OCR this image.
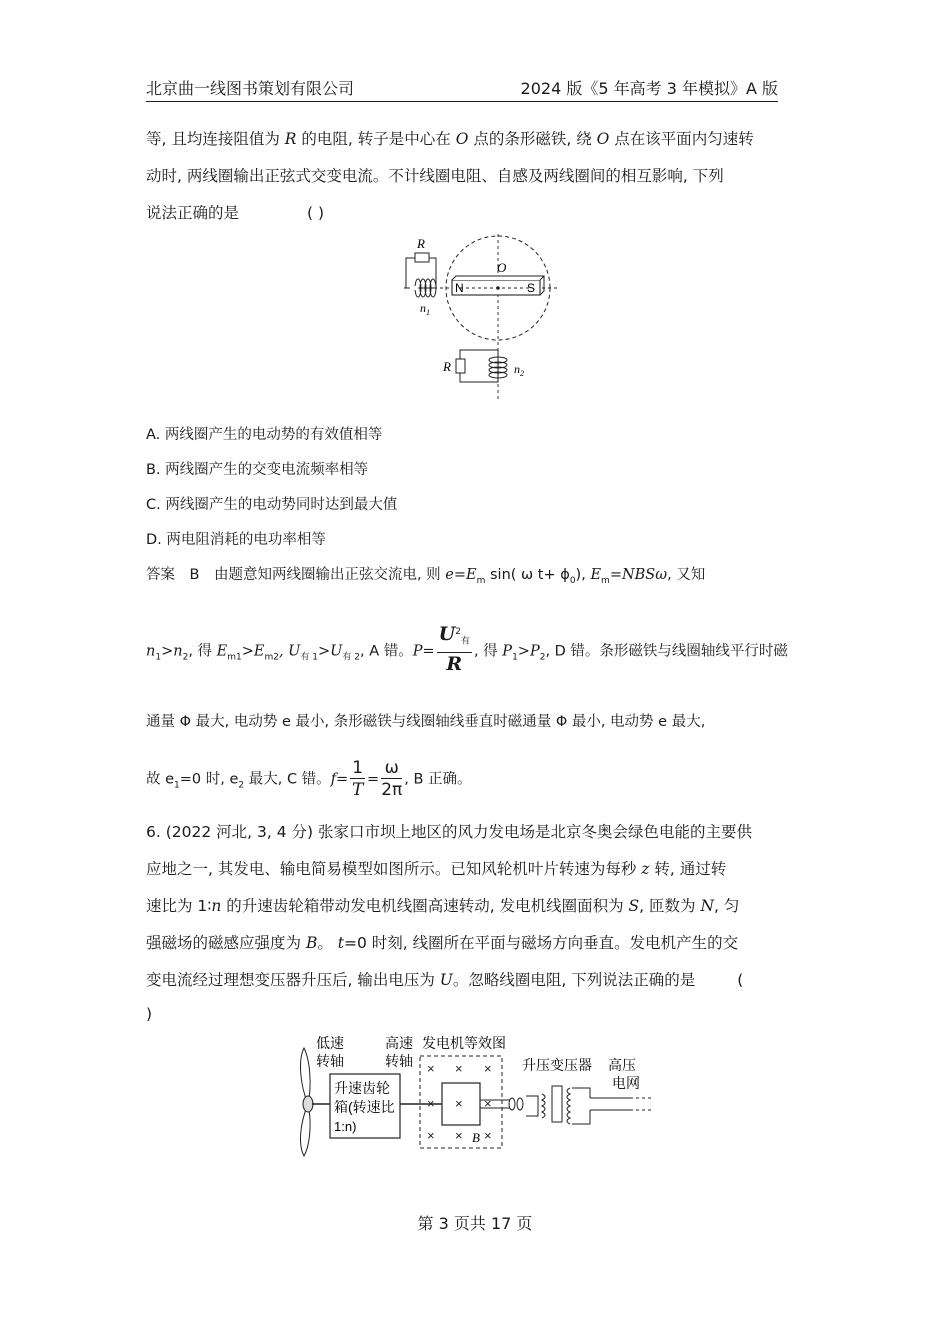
北京曲一线图书策划有限公司	2024 版《5 年高考 3 年模拟》A 版
等, 且均连接阻值为 R 的电阻, 转子是中心在 O 点的条形磁铁, 绕 O 点在该平面内匀速转
动时, 两线圈输出正弦式交变电流。不计线圈电阻、自感及两线圈间的相互影响, 下列
说法正确的是	( )
N	S
O
R
$n_1$
R	$n_2$
A. 两线圈产生的电动势的有效值相等
B. 两线圈产生的交变电流频率相等
C. 两线圈产生的电动势同时达到最大值
D. 两电阻消耗的电功率相等
答案　B　由题意知两线圈输出正弦交流电, 则 $e=E_m$ sin( ω $t+ \phi_0$), $E_m=NBS\omega$, 又知
$n_1>n_2$, 得 $E_{m1}>E_{m2}$, $U_{有 1}>U_{有 2}$, A 错。$P= \frac{U^2_有}{R}$ , 得 $P_1>P_2$, D 错。条形磁铁与线圈轴线平行时磁
通量 Φ 最大, 电动势 e 最小, 条形磁铁与线圈轴线垂直时磁通量 Φ 最小, 电动势 e 最大,
故 $e_1=0$ 时, $e_2$ 最大, C 错。$f= \frac{1}{T} = \frac{\omega}{2\pi}$ , B 正确。
6. (2022 河北, 3, 4 分) 张家口市坝上地区的风力发电场是北京冬奥会绿色电能的主要供
应地之一, 其发电、输电简易模型如图所示。已知风轮机叶片转速为每秒 z 转, 通过转
速比为 1∶n 的升速齿轮箱带动发电机线圈高速转动, 发电机线圈面积为 S, 匝数为 N, 匀
强磁场的磁感应强度为 B。 t=0 时刻, 线圈所在平面与磁场方向垂直。发电机产生的交
变电流经过理想变压器升压后, 输出电压为 U。忽略线圈电阻, 下列说法正确的是	(
)
低速
转轴
高速
转轴
发电机等效图
升压变压器 高压
电网
升速齿轮
箱(转速比
1:n)
× × ×
× × ×
× × ×
B
第 3 页共 17 页
